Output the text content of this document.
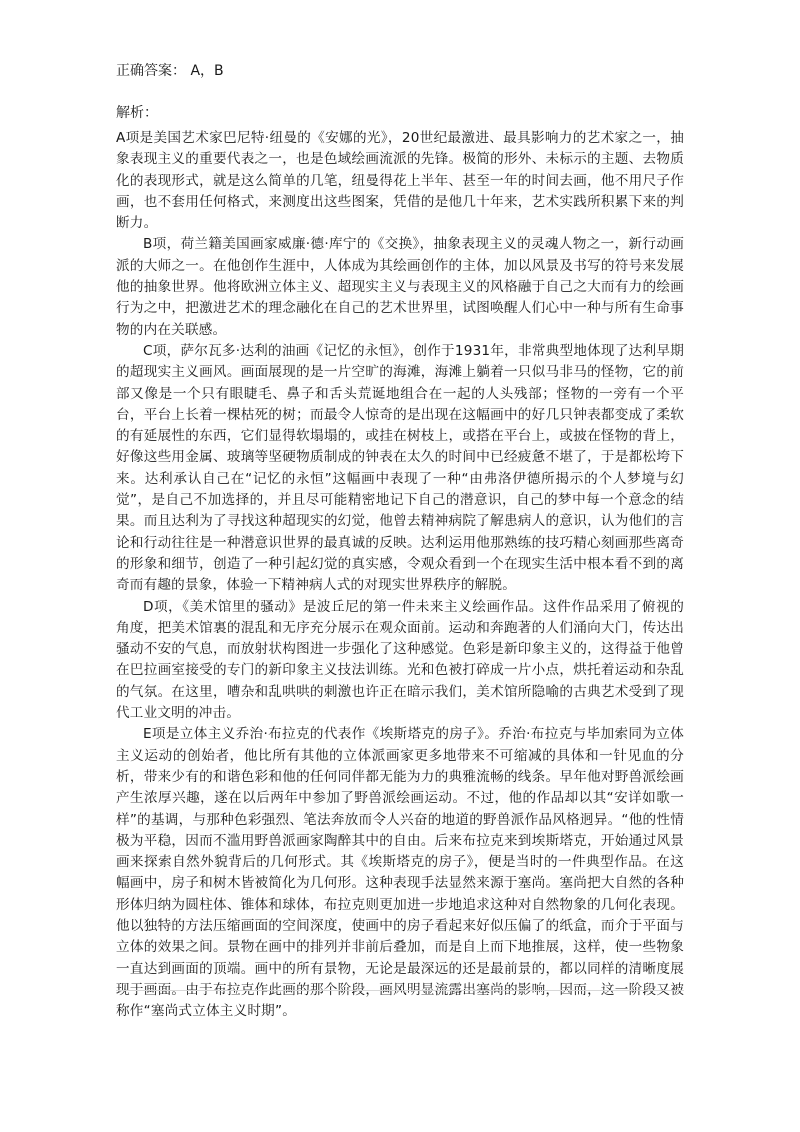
正确答案： A，B

解析：

A项是美国艺术家巴尼特·纽曼的《安娜的光》，20世纪最激进、最具影响力的艺术家之一，抽象表现主义的重要代表之一，也是色域绘画流派的先锋。极简的形外、未标示的主题、去物质化的表现形式，就是这么简单的几笔，纽曼得花上半年、甚至一年的时间去画，他不用尺子作画，也不套用任何格式，来测度出这些图案，凭借的是他几十年来，艺术实践所积累下来的判断力。

B项，荷兰籍美国画家威廉·德·库宁的《交换》，抽象表现主义的灵魂人物之一，新行动画派的大师之一。在他创作生涯中，人体成为其绘画创作的主体，加以风景及书写的符号来发展他的抽象世界。他将欧洲立体主义、超现实主义与表现主义的风格融于自己之大而有力的绘画行为之中，把激进艺术的理念融化在自己的艺术世界里，试图唤醒人们心中一种与所有生命事物的内在关联感。

C项，萨尔瓦多·达利的油画《记忆的永恒》，创作于1931年，非常典型地体现了达利早期的超现实主义画风。画面展现的是一片空旷的海滩，海滩上躺着一只似马非马的怪物，它的前部又像是一个只有眼睫毛、鼻子和舌头荒诞地组合在一起的人头残部；怪物的一旁有一个平台，平台上长着一棵枯死的树；而最令人惊奇的是出现在这幅画中的好几只钟表都变成了柔软的有延展性的东西，它们显得软塌塌的，或挂在树枝上，或搭在平台上，或披在怪物的背上，好像这些用金属、玻璃等坚硬物质制成的钟表在太久的时间中已经疲惫不堪了，于是都松垮下来。达利承认自己在“记忆的永恒”这幅画中表现了一种“由弗洛伊德所揭示的个人梦境与幻觉”，是自己不加选择的，并且尽可能精密地记下自己的潜意识，自己的梦中每一个意念的结果。而且达利为了寻找这种超现实的幻觉，他曾去精神病院了解患病人的意识，认为他们的言论和行动往往是一种潜意识世界的最真诚的反映。达利运用他那熟练的技巧精心刻画那些离奇的形象和细节，创造了一种引起幻觉的真实感，令观众看到一个在现实生活中根本看不到的离奇而有趣的景象，体验一下精神病人式的对现实世界秩序的解脱。

D项，《美术馆里的骚动》是波丘尼的第一件未来主义绘画作品。这件作品采用了俯视的角度，把美术馆裏的混乱和无序充分展示在观众面前。运动和奔跑著的人们涌向大门，传达出骚动不安的气息，而放射状构图进一步强化了这种感觉。色彩是新印象主义的，这得益于他曾在巴拉画室接受的专门的新印象主义技法训练。光和色被打碎成一片小点，烘托着运动和杂乱的气氛。在这里，嘈杂和乱哄哄的刺激也许正在暗示我们，美术馆所隐喻的古典艺术受到了现代工业文明的冲击。

E项是立体主义乔治·布拉克的代表作《埃斯塔克的房子》。乔治·布拉克与毕加索同为立体主义运动的创始者，他比所有其他的立体派画家更多地带来不可缩减的具体和一针见血的分析，带来少有的和谐色彩和他的任何同伴都无能为力的典雅流畅的线条。早年他对野兽派绘画产生浓厚兴趣，遂在以后两年中参加了野兽派绘画运动。不过，他的作品却以其“安详如歌一样”的基调，与那种色彩强烈、笔法奔放而令人兴奋的地道的野兽派作品风格迥异。“他的性情极为平稳，因而不滥用野兽派画家陶醉其中的自由。后来布拉克来到埃斯塔克，开始通过风景画来探索自然外貌背后的几何形式。其《埃斯塔克的房子》，便是当时的一件典型作品。在这幅画中，房子和树木皆被简化为几何形。这种表现手法显然来源于塞尚。塞尚把大自然的各种形体归纳为圆柱体、锥体和球体，布拉克则更加进一步地追求这种对自然物象的几何化表现。他以独特的方法压缩画面的空间深度，使画中的房子看起来好似压偏了的纸盒，而介于平面与立体的效果之间。景物在画中的排列并非前后叠加，而是自上而下地推展，这样，使一些物象一直达到画面的顶端。画中的所有景物，无论是最深远的还是最前景的，都以同样的清晰度展现于画面。由于布拉克作此画的那个阶段，画风明显流露出塞尚的影响，因而，这一阶段又被称作“塞尚式立体主义时期”。
